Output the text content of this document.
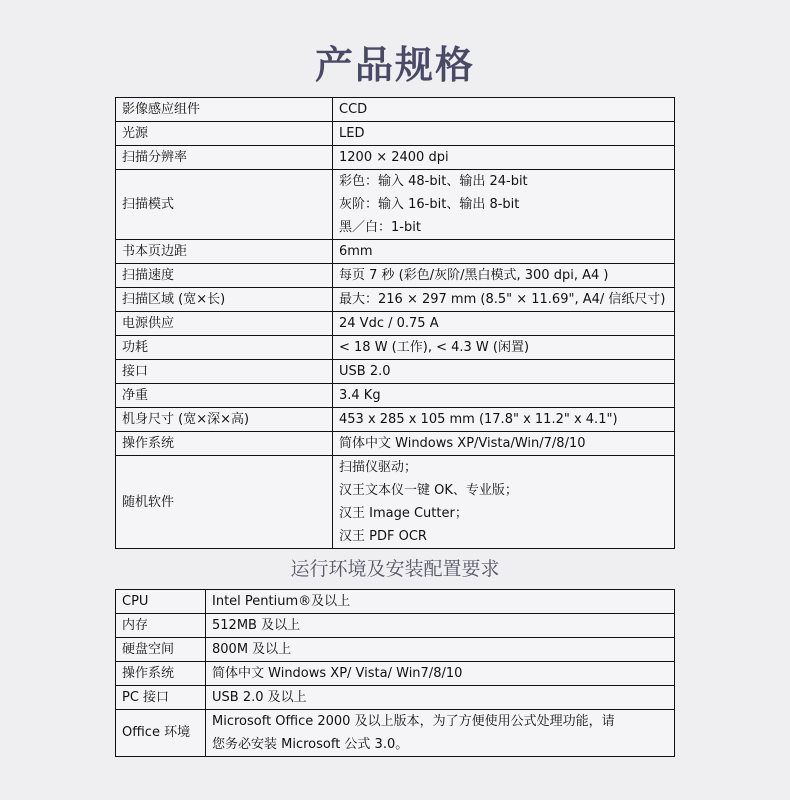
产品规格
影像感应组件	CCD

光源	LED

扫描分辨率	1200 × 2400 dpi

扫描模式	彩色：输入 48-bit、输出 24-bit
灰阶：输入 16-bit、输出 8-bit
黑／白：1-bit

书本页边距	6mm

扫描速度	每页 7 秒 (彩色/灰阶/黑白模式, 300 dpi, A4 )

扫描区域 (宽×长)	最大：216 × 297 mm (8.5" × 11.69", A4/ 信纸尺寸)

电源供应	24 Vdc / 0.75 A

功耗	< 18 W (工作), < 4.3 W (闲置)

接口	USB 2.0

净重	3.4 Kg

机身尺寸 (宽×深×高)	453 x 285 x 105 mm (17.8" x 11.2" x 4.1")

操作系统	简体中文 Windows XP/Vista/Win/7/8/10

随机软件	扫描仪驱动；
汉王文本仪一键 OK、专业版；
汉王 Image Cutter；
汉王 PDF OCR
运行环境及安装配置要求
CPU	Intel Pentium®及以上

内存	512MB 及以上

硬盘空间	800M 及以上

操作系统	简体中文 Windows XP/ Vista/ Win7/8/10

PC 接口	USB 2.0 及以上

Office 环境	Microsoft Office 2000 及以上版本，为了方便使用公式处理功能，请
您务必安装 Microsoft 公式 3.0。
